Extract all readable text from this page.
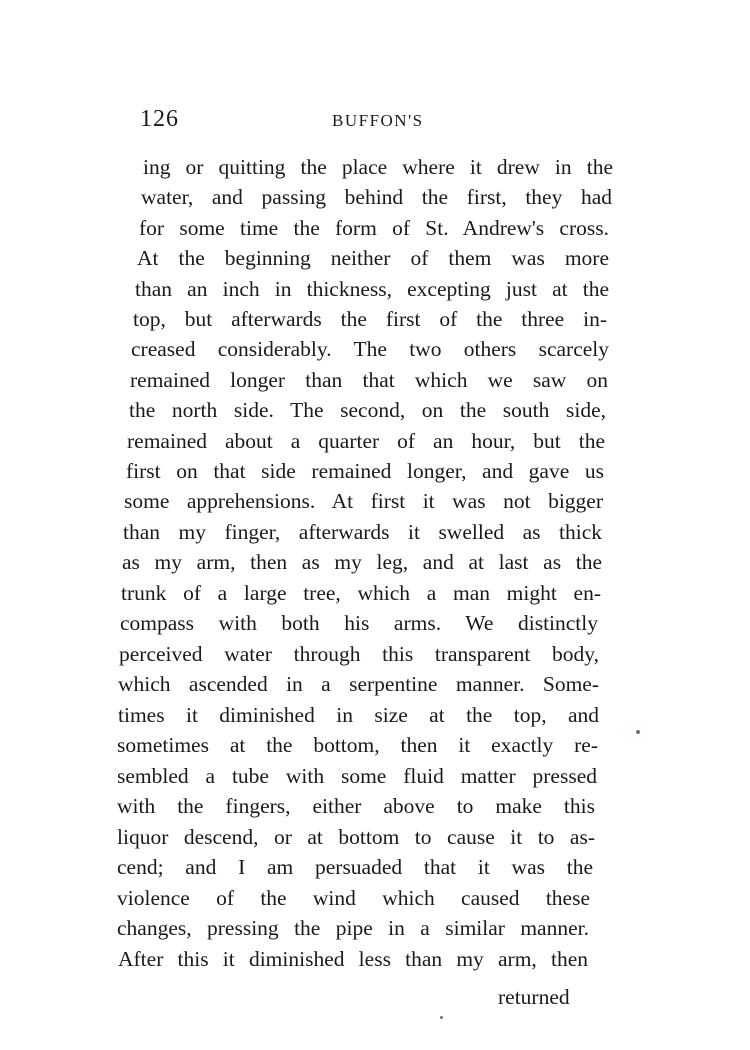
126	BUFFON'S
ing or quitting the place where it drew in the
water, and passing behind the first, they had
for some time the form of St. Andrew's cross.
At the beginning neither of them was more
than an inch in thickness, excepting just at the
top, but afterwards the first of the three in-
creased considerably. The two others scarcely
remained longer than that which we saw on
the north side. The second, on the south side,
remained about a quarter of an hour, but the
first on that side remained longer, and gave us
some apprehensions. At first it was not bigger
than my finger, afterwards it swelled as thick
as my arm, then as my leg, and at last as the
trunk of a large tree, which a man might en-
compass with both his arms. We distinctly
perceived water through this transparent body,
which ascended in a serpentine manner. Some-
times it diminished in size at the top, and
sometimes at the bottom, then it exactly re-
sembled a tube with some fluid matter pressed
with the fingers, either above to make this
liquor descend, or at bottom to cause it to as-
cend; and I am persuaded that it was the
violence of the wind which caused these
changes, pressing the pipe in a similar manner.
After this it diminished less than my arm, then
returned
